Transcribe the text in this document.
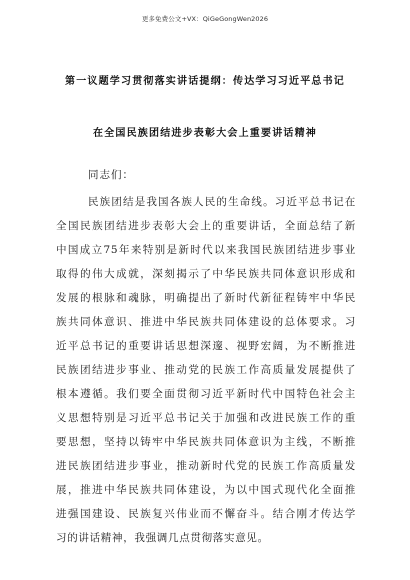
更多免费公文+VX：QiGeGongWen2026
第一议题学习贯彻落实讲话提纲：传达学习习近平总书记
在全国民族团结进步表彰大会上重要讲话精神
同志们：
民族团结是我国各族人民的生命线。习近平总书记在
全国民族团结进步表彰大会上的重要讲话，全面总结了新
中国成立75年来特别是新时代以来我国民族团结进步事业
取得的伟大成就，深刻揭示了中华民族共同体意识形成和
发展的根脉和魂脉，明确提出了新时代新征程铸牢中华民
族共同体意识、推进中华民族共同体建设的总体要求。习
近平总书记的重要讲话思想深邃、视野宏阔，为不断推进
民族团结进步事业、推动党的民族工作高质量发展提供了
根本遵循。我们要全面贯彻习近平新时代中国特色社会主
义思想特别是习近平总书记关于加强和改进民族工作的重
要思想，坚持以铸牢中华民族共同体意识为主线，不断推
进民族团结进步事业，推动新时代党的民族工作高质量发
展，推进中华民族共同体建设，为以中国式现代化全面推
进强国建设、民族复兴伟业而不懈奋斗。结合刚才传达学
习的讲话精神，我强调几点贯彻落实意见。
